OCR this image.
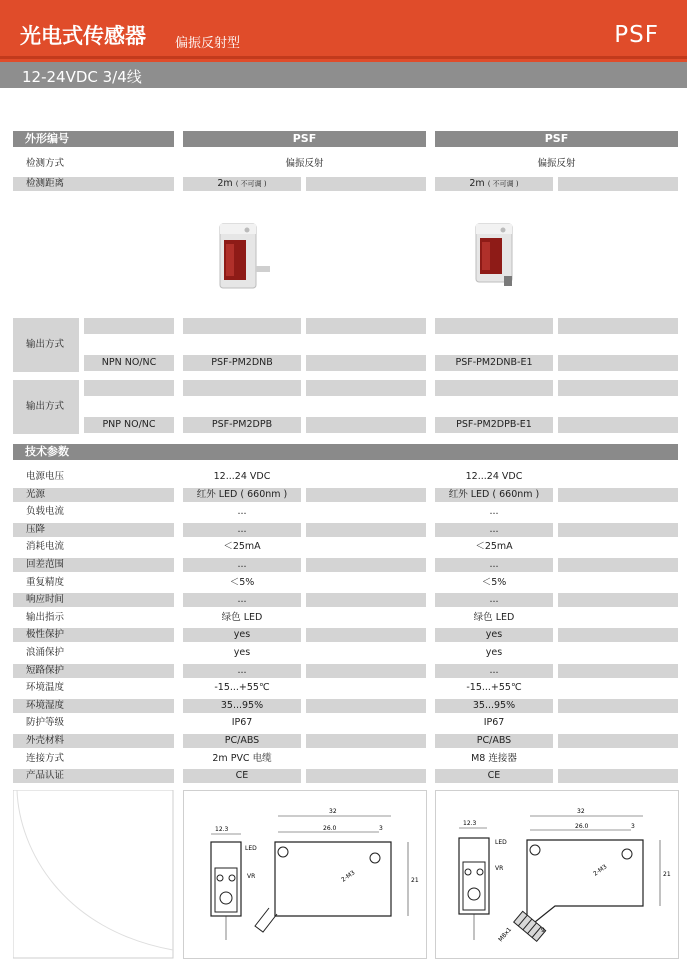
光电式传感器 偏振反射型	PSF
12-24VDC 3/4线
外形编号	PSF	PSF
检测方式	偏振反射	偏振反射
检测距离	2m ( 不可调 )	2m ( 不可调 )
输出方式
NPN NO/NC	PSF-PM2DNB	PSF-PM2DNB-E1
输出方式
PNP NO/NC	PSF-PM2DPB	PSF-PM2DPB-E1
技术参数
电源电压	12...24 VDC	12...24 VDC
光源	红外 LED ( 660nm )	红外 LED ( 660nm )
负载电流	...	...
压降	...	...
消耗电流	＜25mA	＜25mA
回差范围	...	...
重复精度	＜5%	＜5%
响应时间	...	...
输出指示	绿色 LED	绿色 LED
极性保护	yes	yes
浪涌保护	yes	yes
短路保护	...	...
环境温度	-15...+55℃	-15...+55℃
环境湿度	35...95%	35...95%
防护等级	IP67	IP67
外壳材料	PC/ABS	PC/ABS
连接方式	2m PVC 电缆	M8 连接器
产品认证	CE	CE
32
26.0	3
12.3
LED
VR	2-M3	21
32
26.0	3
12.3
LED
VR	2-M3	21
M8x1	9
